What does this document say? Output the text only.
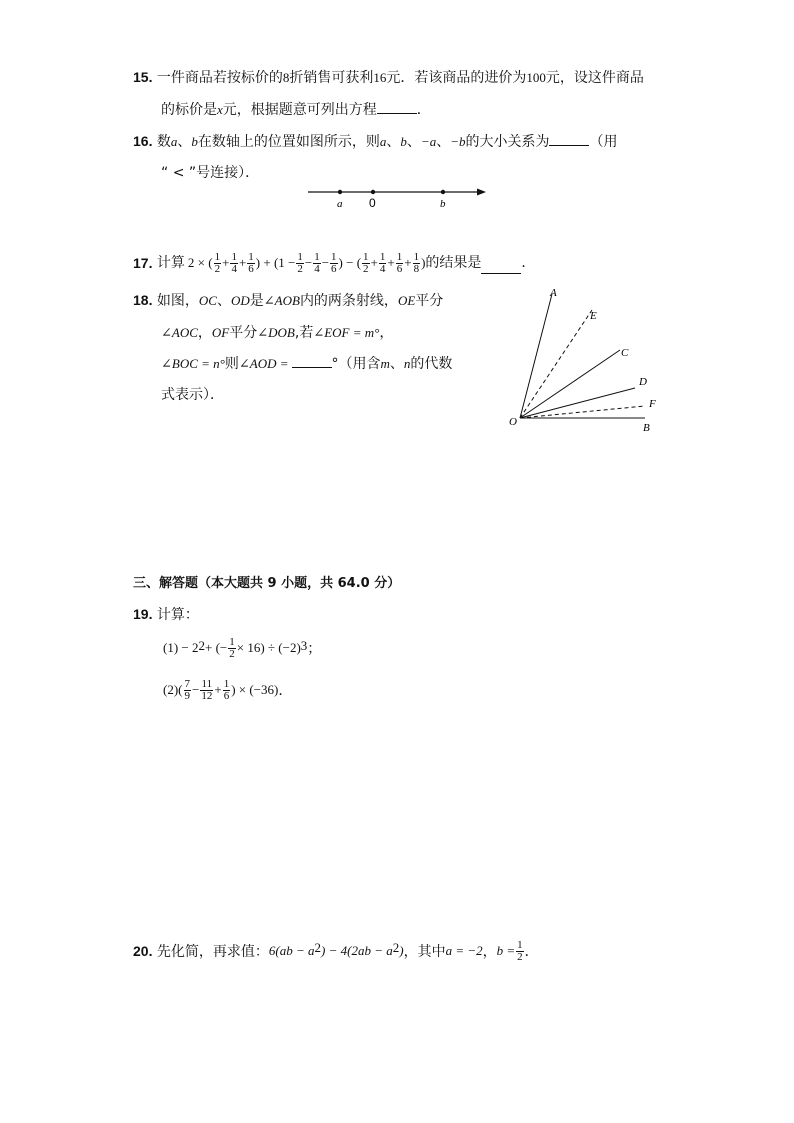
15. 一件商品若按标价的8折销售可获利16元．若该商品的进价为100元，设这件商品
的标价是x元，根据题意可列出方程	．
16. 数a、b在数轴上的位置如图所示，则a、b、−a、−b的大小关系为	（用
“ < ”号连接）．
a 0	b
17.
计算 2 × ( $\frac{1}{2} + \frac{1}{4} + \frac{1}{6}$ ) + ($1 - \frac{1}{2} - \frac{1}{4} - \frac{1}{6}$ ) − ( $\frac{1}{2} + \frac{1}{4} + \frac{1}{6} + \frac{1}{8}$ ) 的结果是	．
18. 如图，OC、OD是∠AOB内的两条射线，OE平分
∠AOC，OF平分∠DOB,若∠EOF = m°，
∠BOC = n°则∠AOD =	°（用含m、n的代数
式表示）．
A
E
C
D
F
O	B
三、解答题（本大题共 9 小题，共 64.0 分）
19. 计算：
(1) − 2 2 + (− $\frac{1}{2} \times 16) \div (-2)$ 3 ；
$(2)( \frac{7}{9} - \frac{11}{12} + \frac{1}{6}$ ) × (−36) ．
20.
先化简，再求值： 6(ab − a 2 ) − 4(2ab − a 2 ) ，其中 a = −2 ， $b = \frac{1}{2}$ ．
